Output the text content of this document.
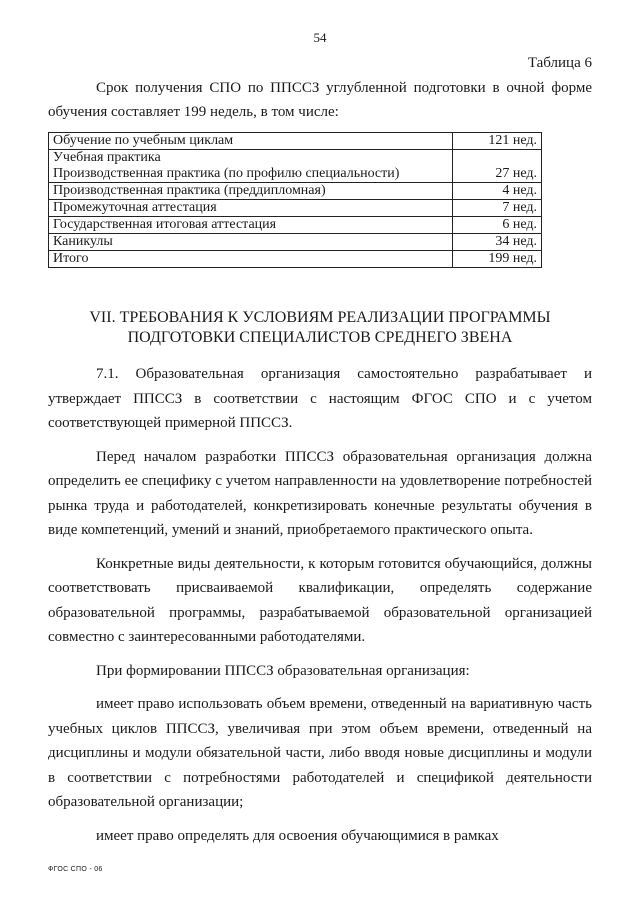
54
Таблица 6
Срок получения СПО по ППССЗ углубленной подготовки в очной форме обучения составляет 199 недель, в том числе:
Обучение по учебным циклам	121 нед.

Учебная практика
Производственная практика (по профилю специальности)	27 нед.
Производственная практика (преддипломная)	4 нед.
Промежуточная аттестация	7 нед.
Государственная итоговая аттестация	6 нед.
Каникулы	34 нед.
Итого	199 нед.
VII. ТРЕБОВАНИЯ К УСЛОВИЯМ РЕАЛИЗАЦИИ ПРОГРАММЫ ПОДГОТОВКИ СПЕЦИАЛИСТОВ СРЕДНЕГО ЗВЕНА

7.1. Образовательная организация самостоятельно разрабатывает и утверждает ППССЗ в соответствии с настоящим ФГОС СПО и с учетом соответствующей примерной ППССЗ.

Перед началом разработки ППССЗ образовательная организация должна определить ее специфику с учетом направленности на удовлетворение потребностей рынка труда и работодателей, конкретизировать конечные результаты обучения в виде компетенций, умений и знаний, приобретаемого практического опыта.

Конкретные виды деятельности, к которым готовится обучающийся, должны соответствовать присваиваемой квалификации, определять содержание образовательной программы, разрабатываемой образовательной организацией совместно с заинтересованными работодателями.

При формировании ППССЗ образовательная организация:

имеет право использовать объем времени, отведенный на вариативную часть учебных циклов ППССЗ, увеличивая при этом объем времени, отведенный на дисциплины и модули обязательной части, либо вводя новые дисциплины и модули в соответствии с потребностями работодателей и спецификой деятельности образовательной организации;

имеет право определять для освоения обучающимися в рамках

ФГОС СПО - 06
